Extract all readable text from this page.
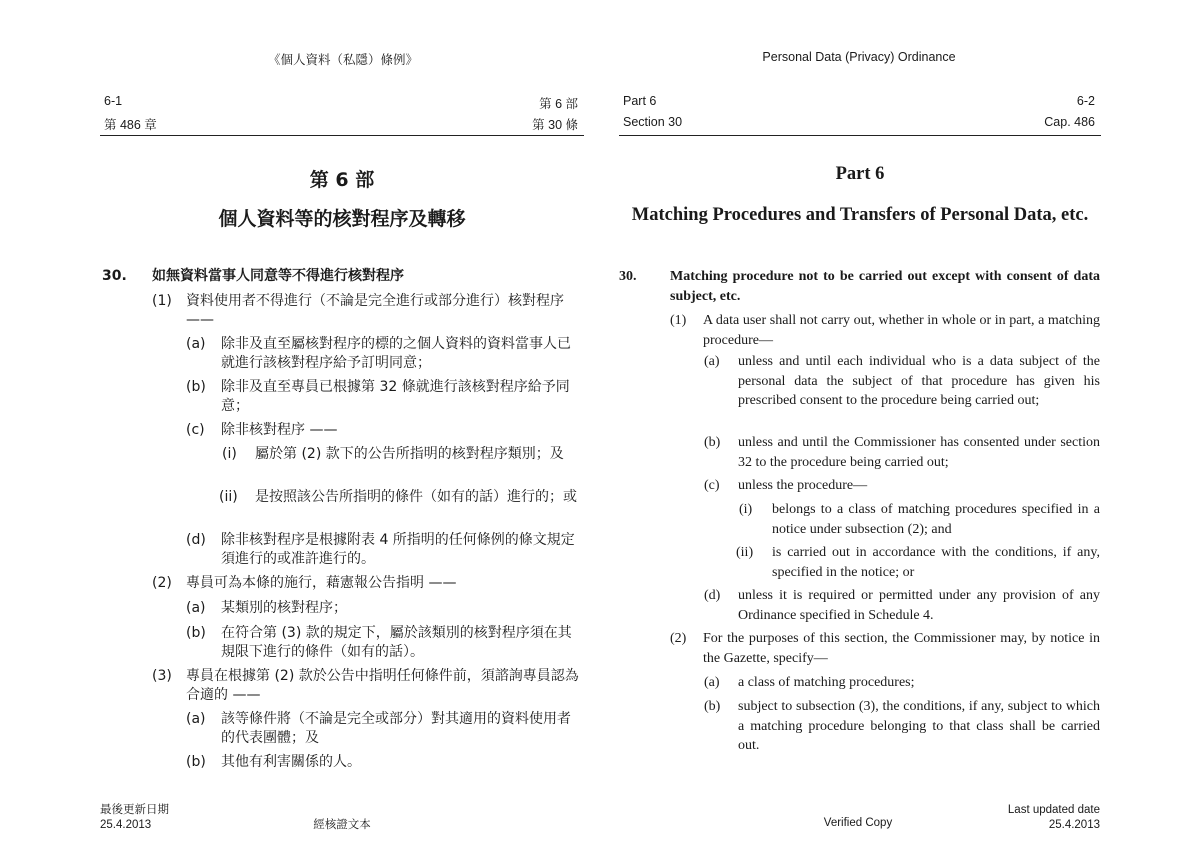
《個人資料（私隱）條例》
6-1
第 486 章
第 6 部
第 30 條
第 6 部
個人資料等的核對程序及轉移
30. 如無資料當事人同意等不得進行核對程序
(1) 資料使用者不得進行（不論是完全進行或部分進行）核對程序 ——
(a) 除非及直至屬核對程序的標的之個人資料的資料當事人已就進行該核對程序給予訂明同意；
(b) 除非及直至專員已根據第 32 條就進行該核對程序給予同意；
(c) 除非核對程序 ——
(i) 屬於第 (2) 款下的公告所指明的核對程序類別；及
(ii) 是按照該公告所指明的條件（如有的話）進行的；或
(d) 除非核對程序是根據附表 4 所指明的任何條例的條文規定須進行的或准許進行的。
(2) 專員可為本條的施行，藉憲報公告指明 ——
(a) 某類別的核對程序；
(b) 在符合第 (3) 款的規定下，屬於該類別的核對程序須在其規限下進行的條件（如有的話）。
(3) 專員在根據第 (2) 款於公告中指明任何條件前，須諮詢專員認為合適的 ——
(a) 該等條件將（不論是完全或部分）對其適用的資料使用者的代表團體；及
(b) 其他有利害關係的人。
最後更新日期
25.4.2013	經核證文本
Personal Data (Privacy) Ordinance
Part 6
Section 30
6-2
Cap. 486
Part 6
Matching Procedures and Transfers of Personal Data, etc.
30. Matching procedure not to be carried out except with consent of data subject, etc.
(1) A data user shall not carry out, whether in whole or in part, a matching procedure—
(a) unless and until each individual who is a data subject of the personal data the subject of that procedure has given his prescribed consent to the procedure being carried out;
(b) unless and until the Commissioner has consented under section 32 to the procedure being carried out;
(c) unless the procedure—
(i) belongs to a class of matching procedures specified in a notice under subsection (2); and
(ii) is carried out in accordance with the conditions, if any, specified in the notice; or
(d) unless it is required or permitted under any provision of any Ordinance specified in Schedule 4.
(2) For the purposes of this section, the Commissioner may, by notice in the Gazette, specify—
(a) a class of matching procedures;
(b) subject to subsection (3), the conditions, if any, subject to which a matching procedure belonging to that class shall be carried out.
Verified Copy
Last updated date
25.4.2013
